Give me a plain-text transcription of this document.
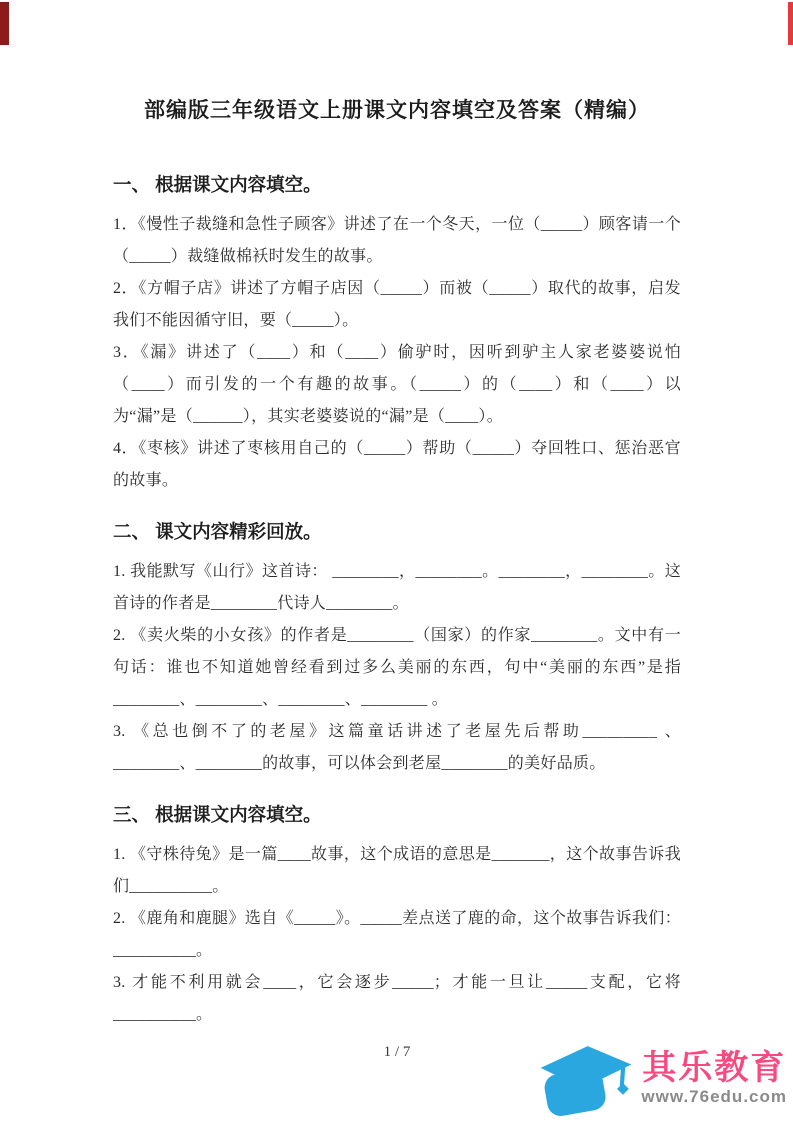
部编版三年级语文上册课文内容填空及答案（精编）
一、 根据课文内容填空。

1．《慢性子裁缝和急性子顾客》讲述了在一个冬天，一位（_____）顾客请一个（_____）裁缝做棉袄时发生的故事。

2．《方帽子店》讲述了方帽子店因（_____）而被（_____）取代的故事，启发我们不能因循守旧，要（_____）。

3．《漏》讲述了（____）和（____）偷驴时，因听到驴主人家老婆婆说怕（____）而引发的一个有趣的故事。（_____）的（____）和（____）以为“漏”是（______），其实老婆婆说的“漏”是（____）。

4．《枣核》讲述了枣核用自己的（_____）帮助（_____）夺回牲口、惩治恶官的故事。

二、 课文内容精彩回放。

1. 我能默写《山行》这首诗： ________，________。________，________。这首诗的作者是________代诗人________。

2. 《卖火柴的小女孩》的作者是________（国家）的作家________。文中有一句话：谁也不知道她曾经看到过多么美丽的东西，句中“美丽的东西”是指________、________、________、________ 。

3. 《总也倒不了的老屋》这篇童话讲述了老屋先后帮助_________ 、________、________的故事，可以体会到老屋________的美好品质。

三、 根据课文内容填空。

1. 《守株待兔》是一篇____故事，这个成语的意思是_______，这个故事告诉我们__________。

2. 《鹿角和鹿腿》选自《_____》。_____差点送了鹿的命，这个故事告诉我们：__________。

3. 才能不利用就会____，它会逐步_____；才能一旦让_____支配，它将__________。

1 / 7	其乐教育
www.76edu.com
